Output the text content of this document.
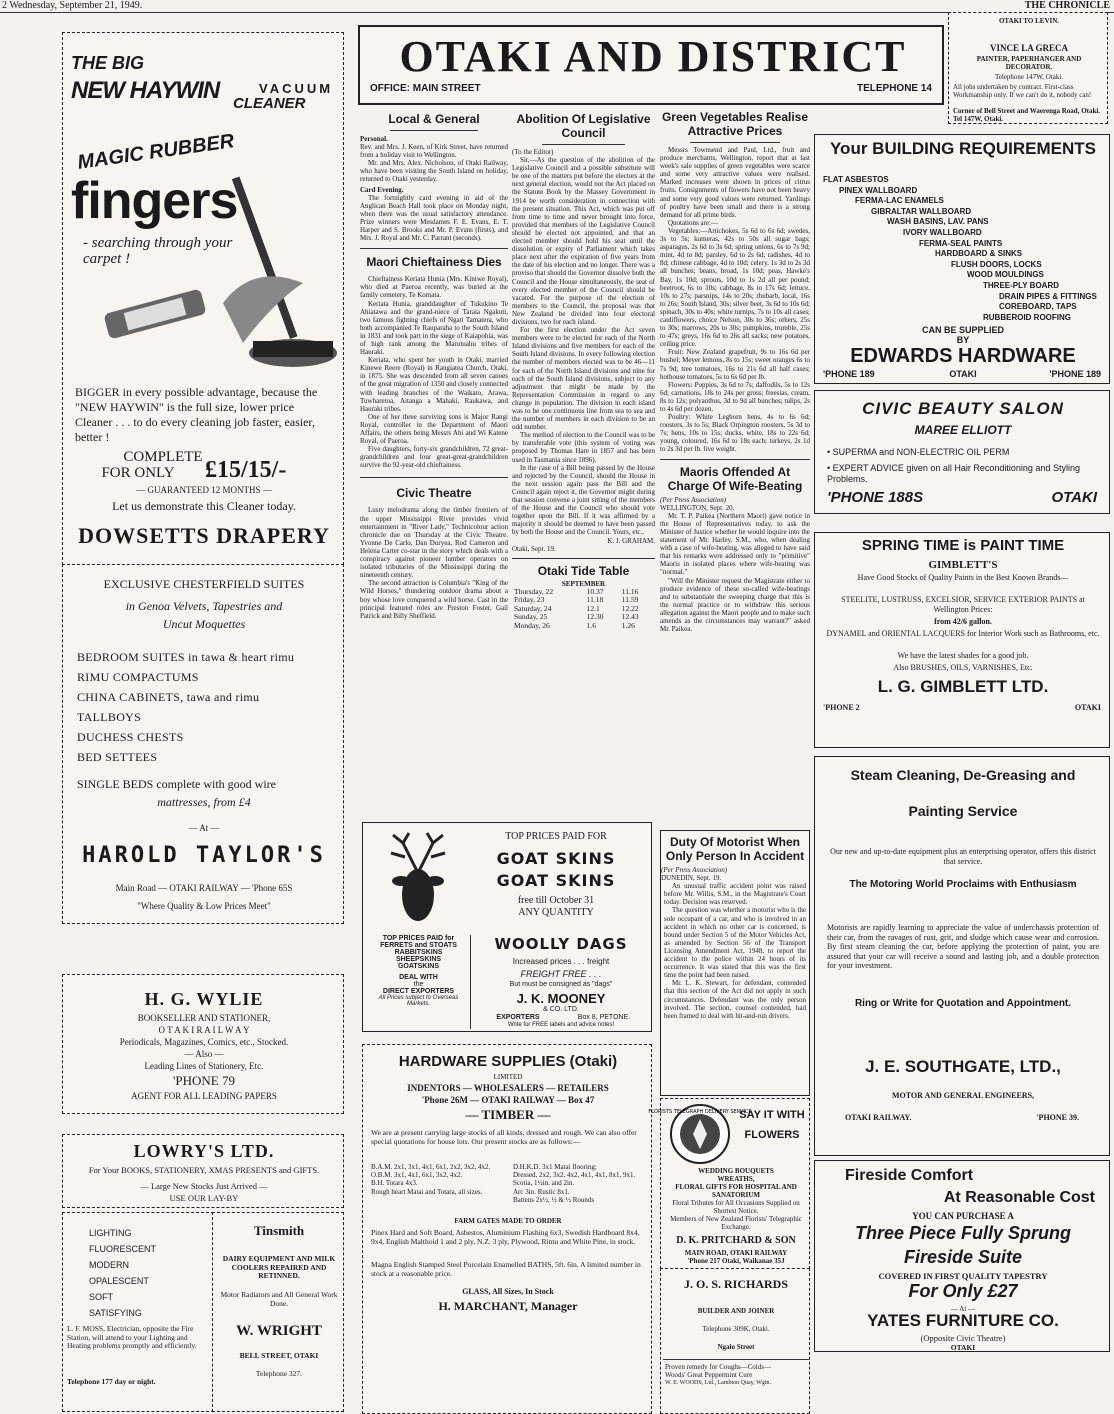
2 Wednesday, September 21, 1949.	THE CHRONICLE
THE BIG
NEW HAYWIN	VACUUM
CLEANER
MAGIC RUBBER
fingers
- searching through your carpet !
BIGGER in every possible advantage, because the "NEW HAYWIN" is the full size, lower price Cleaner . . . to do every cleaning job faster, easier, better !
COMPLETE
FOR ONLY	£15/15/-
— GUARANTEED 12 MONTHS —
Let us demonstrate this Cleaner today.
DOWSETTS DRAPERY
EXCLUSIVE CHESTERFIELD SUITES
in Genoa Velvets, Tapestries and
Uncut Moquettes
BEDROOM SUITES in tawa & heart rimu
RIMU COMPACTUMS
CHINA CABINETS, tawa and rimu
TALLBOYS
DUCHESS CHESTS
BED SETTEES
SINGLE BEDS complete with good wire
mattresses, from £4
— At —
HAROLD TAYLOR'S
Main Road — OTAKI RAILWAY — 'Phone 65S
"Where Quality & Low Prices Meet"
H. G. WYLIE
BOOKSELLER AND STATIONER,
O T A K I R A I L W A Y
Periodicals, Magazines, Comics, etc., Stocked.
— Also —
Leading Lines of Stationery, Etc.
'PHONE 79
AGENT FOR ALL LEADING PAPERS
LOWRY'S LTD.
For Your BOOKS, STATIONERY, XMAS PRESENTS and GIFTS.
— Large New Stocks Just Arrived —
USE OUR LAY-BY
LIGHTING
FLUORESCENT
MODERN
OPALESCENT
SOFT
SATISFYING
L. F. MOSS, Electrician, opposite the Fire Station, will attend to your Lighting and Heating problems promptly and efficiently.
Telephone 177 day or night.
Tinsmith
DAIRY EQUIPMENT AND MILK COOLERS REPAIRED AND RETINNED.
Motor Radiators and All General Work Done.
W. WRIGHT
BELL STREET, OTAKI
Telephone 327.
OTAKI AND DISTRICT
OFFICE: MAIN STREET	TELEPHONE 14
Local & General
Personal.
Rev. and Mrs. J. Keen, of Kirk Street, have returned from a holiday visit to Wellington.
Mr. and Mrs. Alex. Nicholson, of Otaki Railway, who have been visiting the South Island on holiday, returned to Otaki yesterday.
Card Evening.
The fortnightly card evening in aid of the Anglican Beach Hall took place on Monday night, when there was the usual satisfactory attendance. Prize winners were Mesdames F. E. Evans, E. T. Harper and S. Brooks and Mr. P. Evans (firsts), and Mrs. J. Royal and Mr. C. Parrant (seconds).
Maori Chieftainess Dies
Chieftainess Keriata Hunia (Mrs. Kiniwe Royal), who died at Paeroa recently, was buried at the family cemetery, Te Komata.
Keriata Hunia, granddaughter of Tukukino Te Ahiatawa and the grand-niece of Taraia Ngakuti, two famous fighting chiefs of Ngati Tamatera, who both accompanied Te Rauparaha to the South Island in 1831 and took part in the siege of Kaiapohia, was of high rank among the Marutuahu tribes of Hauraki.
Keriata, who spent her youth in Otaki, married Kinewe Reere (Royal) in Rangiatea Church, Otaki, in 1875. She was descended from all seven canoes of the great migration of 1350 and closely connected with leading branches of the Waikato, Arawa, Tuwharetoa, Aitanga a Mahaki, Raukawa, and Hauraki tribes.
One of her three surviving sons is Major Rangi Royal, controller in the Department of Maori Affairs, the others being Messrs Ahi and Wi Katene Royal, of Paeroa.
Five daughters, forty-six grandchildren, 72 great-grandchildren and four great-great-grandchildren survive the 92-year-old chieftainess.
Civic Theatre
Lusty melodrama along the timber frontiers of the upper Mississippi River provides vivid entertainment in "River Lady," Technicolour action chronicle due on Thursday at the Civic Theatre. Yvonne De Carlo, Dan Duryea, Rod Cameron and Helena Carter co-star in the story which deals with a conspiracy against pioneer lumber operators on isolated tributaries of the Mississippi during the nineteenth century.
The second attraction is Columbia's "King of the Wild Horses," thundering outdoor drama about a boy whose love conquered a wild horse. Cast in the principal featured roles are Preston Foster, Gail Patrick and Billy Sheffield.
Abolition Of Legislative Council
(To the Editor)
Sir,—As the question of the abolition of the Legislative Council and a possible substitute will be one of the matters put before the electors at the next general election, would not the Act placed on the Statute Book by the Massey Government in 1914 be worth consideration in connection with the present situation. This Act, which was put off from time to time and never brought into force, provided that members of the Legislative Council should be elected not appointed, and that an elected member should hold his seat until the dissolution or expiry of Parliament which takes place next after the expiration of five years from the date of his election and no longer. There was a proviso that should the Governor dissolve both the Council and the House simultaneously, the seat of every elected member of the Council should be vacated. For the purpose of the election of members to the Council, the proposal was that New Zealand be divided into four electoral divisions, two for each island.
For the first election under the Act seven members were to be elected for each of the North Island divisions and five members for each of the South Island divisions. In every following election the number of members elected was to be 46—11 for each of the North Island divisions and nine for each of the South Island divisions, subject to any adjustment that might be made by the Representation Commission in regard to any change in population. The division in each island was to be one continuous line from sea to sea and the number of members in each division to be an odd number.
The method of election to the Council was to be by transferable vote (this system of voting was proposed by Thomas Hare in 1857 and has been used in Tasmania since 1896).
In the case of a Bill being passed by the House and rejected by the Council, should the House in the next session again pass the Bill and the Council again reject it, the Governor might during that session convene a joint sitting of the members of the House and the Council who should vote together upon the Bill. If it was affirmed by a majority it should be deemed to have been passed by both the House and the Council. Yours, etc.,
K. J. GRAHAM.
Otaki, Sept. 19.
Otaki Tide Table
SEPTEMBER
Thursday, 22	10.37	11.16
Friday, 23	11.18	11.59
Saturday, 24	12.1	12.22
Sunday, 25	12.30	12.43
Monday, 26	1.6	1.26
Green Vegetables Realise Attractive Prices
Messrs Townsend and Paul, Ltd., fruit and produce merchants, Wellington, report that at last week's sale supplies of green vegetables were scarce and some very attractive values were realised. Marked increases were shown in prices of citrus fruits. Consignments of flowers have not been heavy and some very good values were returned. Yardings of poultry have been small and there is a strong demand for all prime birds.
Quotations are:—
Vegetables:—Artichokes, 5s 6d to 6s 6d; swedes, 3s to 5s; kumeras, 42s to 50s all sugar bags; asparagus, 2s 6d to 3s 6d; spring onions, 6s to 7s 9d; mint, 4d to 8d; parsley, 6d to 2s 6d; radishes, 4d to 8d; chinese cabbage, 4d to 10d; celery, 1s 3d to 2s 3d all bunches; beans, broad, 1s 10d; peas, Hawke's Bay, 1s 10d; sprouts, 10d to 1s 2d all per pound; beetroot, 6s to 10s; cabbage, 8s to 17s 6d; lettuce, 10s to 27s; parsnips, 14s to 20s; rhubarb, local, 16s to 26s; South Island, 30s; silver beet, 3s 6d to 10s 6d; spinach, 30s to 40s; white turnips, 7s to 10s all cases; cauliflowers, choice Nelson, 30s to 36s; others, 25s to 30s; marrows, 20s to 30s; pumpkins, trumble, 25s to 47s; greys, 16s 6d to 26s all sacks; new potatoes, ceiling price.
Fruit: New Zealand grapefruit, 9s to 16s 6d per bushel; Meyer lemons, 8s to 15s; sweet oranges 6s to 7s 9d; tree tomatoes, 16s to 21s 6d all half cases; hothouse tomatoes, 5s to 6s 6d per lb.
Flowers: Poppies, 3s 6d to 7s; daffodils, 5s to 12s 6d; carnations, 18s to 24s per gross; freesias, cream, 8s to 12s; polyanthus, 3d to 9d all bunches; tulips, 2s to 4s 6d per dozen.
Poultry: White Leghorn hens, 4s to 6s 6d; roosters, 3s to 5s; Black Orpington roosters, 5s 3d to 7s; hens, 10s to 15s; ducks, white, 18s to 22s 6d; young, coloured, 16s 6d to 18s each; turkeys, 2s 1d to 2s 3d per lb. live weight.
Maoris Offended At Charge Of Wife-Beating
(Per Press Association)
WELLINGTON, Sept. 20.
Mr. T. P. Paikea (Northern Maori) gave notice in the House of Representatives today, to ask the Minister of Justice whether he would inquire into the statement of Mr. Harley, S.M., who, when dealing with a case of wife-beating, was alleged to have said that his remarks were addressed only to "primitive" Maoris in isolated places where wife-beating was "normal."
"Will the Minister request the Magistrate either to produce evidence of these so-called wife-beatings and to substantiate the sweeping charge that this is the normal practice or to withdraw this serious allegation against the Maori people and to make such amends as the circumstances may warrant?" asked Mr. Paikea.
Duty Of Motorist When Only Person In Accident
(Per Press Association)
DUNEDIN, Sept. 19.
An unusual traffic accident point was raised before Mr. Willis, S.M., in the Magistrate's Court today. Decision was reserved.
The question was whether a motorist who is the sole occupant of a car, and who is involved in an accident in which no other car is concerned, is bound under Section 5 of the Motor Vehicles Act, as amended by Section 56 of the Transport Licensing Amendment Act, 1948, to report the accident to the police within 24 hours of its occurrence. It was stated that this was the first time the point had been raised.
Mr. L. K. Stewart, for defendant, contended that this section of the Act did not apply in such circumstances. Defendant was the only person involved. The section, counsel contended, had been framed to deal with hit-and-run drivers.
TOP PRICES PAID FOR
GOAT SKINS
GOAT SKINS
free till October 31
ANY QUANTITY
TOP PRICES PAID for
FERRETS and STOATS
RABBITSKINS
SHEEPSKINS
GOATSKINS
DEAL WITH
the
DIRECT EXPORTERS
All Prices subject to Overseas Markets.
WOOLLY DAGS
Increased prices . . . freight
FREIGHT FREE . . .
But must be consigned as "dags"
J. K. MOONEY
& CO. LTD.
EXPORTERS	Box 8, PETONE.
Write for FREE labels and advice notes!
HARDWARE SUPPLIES (Otaki)
LIMITED
INDENTORS — WHOLESALERS — RETAILERS
'Phone 26M — OTAKI RAILWAY — Box 47
— TIMBER —
We are at present carrying large stocks of all kinds, dressed and rough. We can also offer special quotations for house lots. Our present stocks are as follows:—
B.A.M. 2x1, 3x1, 4x1, 6x1, 2x2, 3x2, 4x2.
O.B.M. 3x1, 4x1, 6x1, 3x2, 4x2.
B.H. Totara 4x3.
Rough heart Matai and Totara, all sizes.
D.H.K.D. 3x1 Matai flooring;
Dressed, 2x2, 3x2, 4x2, 4x1, 4x1, 8x1, 9x1.
Scotia, 1½in. and 2in.
Arc 3in. Rustic 8x1.
Battens 2x½, ½ & ½ Rounds
FARM GATES MADE TO ORDER
Pinex Hard and Soft Board, Asbestos, Aluminium Flashing 6x3, Swedish Hardboard 8x4, 9x4, English Malthoid 1 and 2 ply, N.Z. 3 ply, Plywood, Rimu and White Pine, in stock.
Magna English Stamped Steel Porcelain Enamelled BATHS, 5ft. 6in. A limited number in stock at a reasonable price.
GLASS, All Sizes, In Stock
H. MARCHANT, Manager
FLORISTS TELEGRAPH DELIVERY SERVICE
SAY IT WITH
FLOWERS
WEDDING BOUQUETS
WREATHS,
FLORAL GIFTS FOR HOSPITAL AND SANATORIUM
Floral Tributes for All Occasions Supplied on Shortest Notice.
Members of New Zealand Florists' Telegraphic Exchange.
D. K. PRITCHARD & SON
MAIN ROAD, OTAKI RAILWAY
'Phone 217 Otaki, Waikanae 35J
J. O. S. RICHARDS
BUILDER AND JOINER
Telephone 309K, Otaki.
Ngaio Street
Proven remedy for Coughs—Colds—
Woods' Great Peppermint Cure
W. E. WOODS, Ltd., Lambton Quay, Wgtn.
OTAKI TO LEVIN.
VINCE LA GRECA
PAINTER, PAPERHANGER AND DECORATOR.
Telephone 147W, Otaki.
All jobs undertaken by contract. First-class Workmanship only. If we can't do it, nobody can!
Corner of Bell Street and Waerenga Road, Otaki. Tel 147W, Otaki.
Your BUILDING REQUIREMENTS
FLAT ASBESTOS
PINEX WALLBOARD
FERMA-LAC ENAMELS
GIBRALTAR WALLBOARD
WASH BASINS, LAV. PANS
IVORY WALLBOARD
FERMA-SEAL PAINTS
HARDBOARD & SINKS
FLUSH DOORS, LOCKS
WOOD MOULDINGS
THREE-PLY BOARD
DRAIN PIPES & FITTINGS
COREBOARD, TAPS
RUBBEROID ROOFING
CAN BE SUPPLIED
BY
EDWARDS HARDWARE
'PHONE 189	OTAKI	'PHONE 189
CIVIC BEAUTY SALON
MAREE ELLIOTT
• SUPERMA and NON-ELECTRIC OIL PERM
• EXPERT ADVICE given on all Hair Reconditioning and Styling Problems.
'PHONE 188S	OTAKI
SPRING TIME is PAINT TIME
GIMBLETT'S
Have Good Stocks of Quality Paints in the Best Known Brands—
STEELITE, LUSTRUSS, EXCELSIOR, SERVICE EXTERIOR PAINTS at Wellington Prices:
from 42/6 gallon.
DYNAMEL and ORIENTAL LACQUERS for Interior Work such as Bathrooms, etc.
We have the latest shades for a good job.
Also BRUSHES, OILS, VARNISHES, Etc.
L. G. GIMBLETT LTD.
'PHONE 2	OTAKI
Steam Cleaning, De-Greasing and
Painting Service
Our new and up-to-date equipment plus an enterprising operator, offers this district that service.
The Motoring World Proclaims with Enthusiasm
Motorists are rapidly learning to appreciate the value of underchassis protection of their car, from the ravages of rust, grit, and sludge which cause wear and corrosion. By first steam cleaning the car, before applying the protection of paint, you are assured that your car will receive a sound and lasting job, and a double protection for your investment.
Ring or Write for Quotation and Appointment.
J. E. SOUTHGATE, LTD.,
MOTOR AND GENERAL ENGINEERS,
OTAKI RAILWAY.	'PHONE 39.
Fireside Comfort
At Reasonable Cost
YOU CAN PURCHASE A
Three Piece Fully Sprung
Fireside Suite
COVERED IN FIRST QUALITY TAPESTRY
For Only £27
— At —
YATES FURNITURE CO.
(Opposite Civic Theatre)
OTAKI
